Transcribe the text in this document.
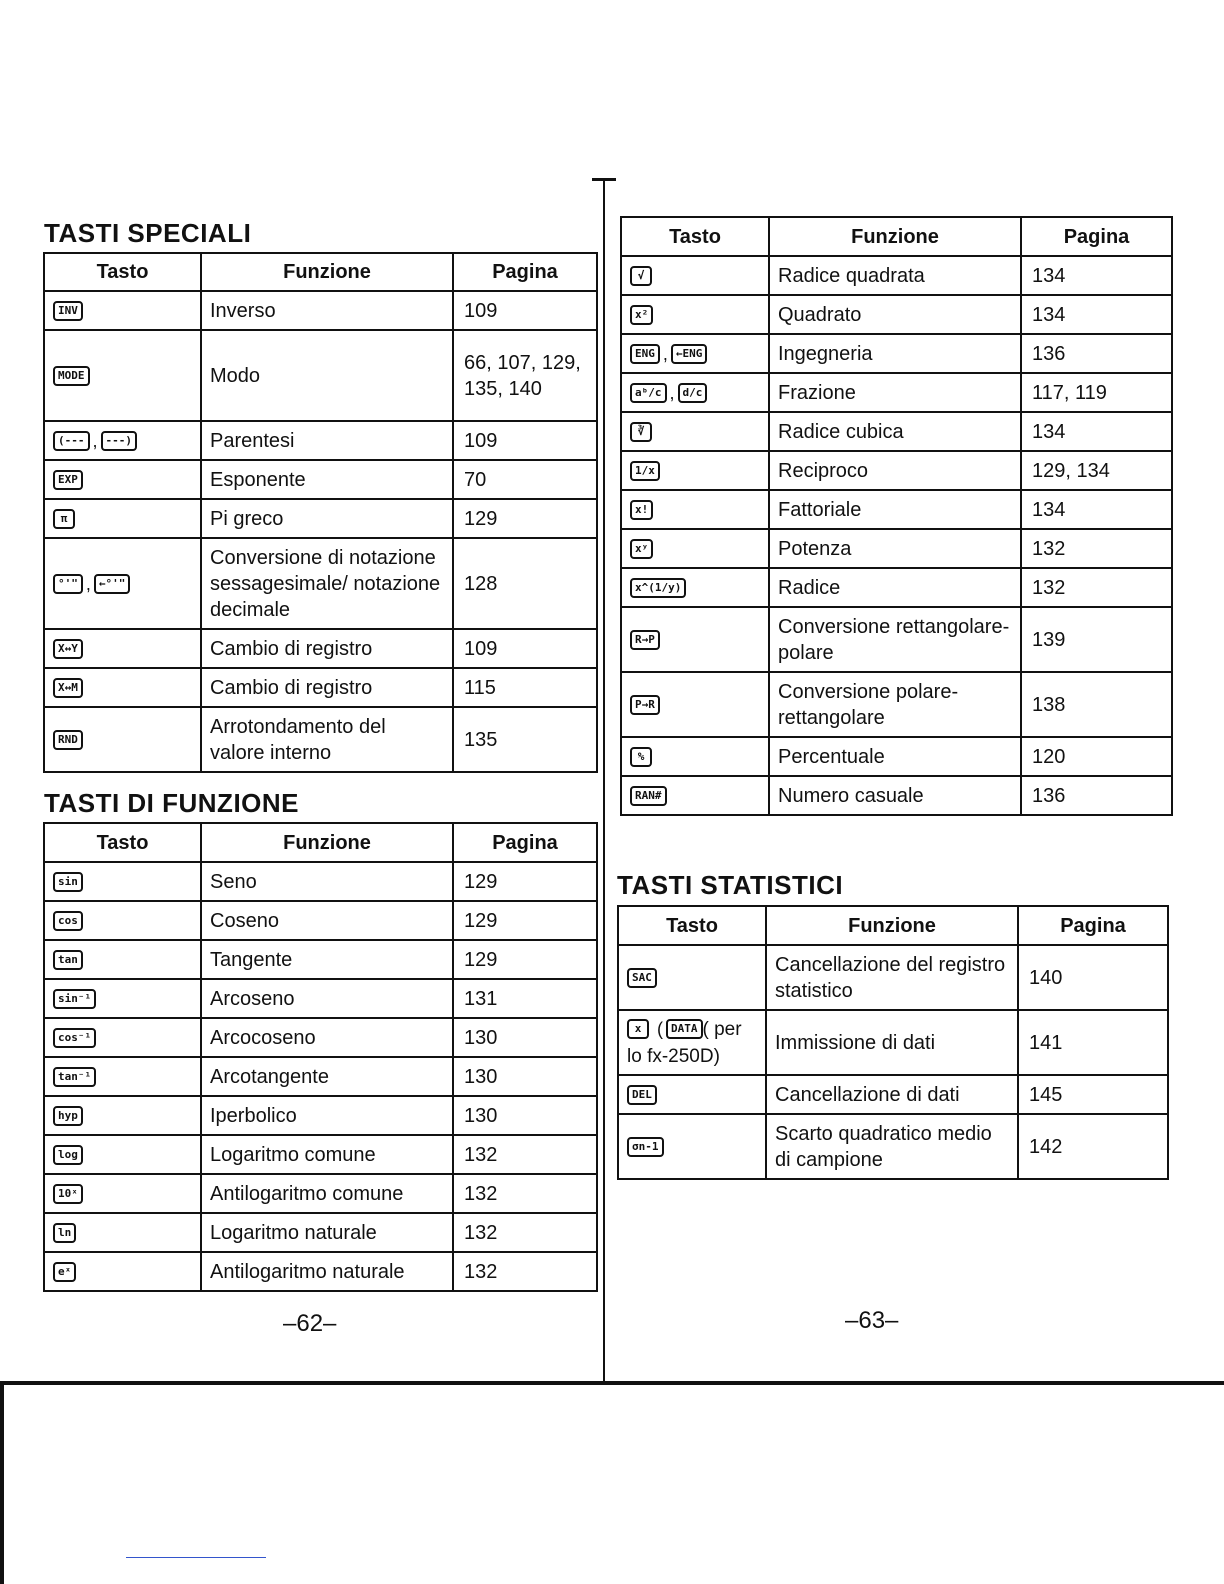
TASTI SPECIALI
Tasto	Funzione	Pagina
INV	Inverso	109
MODE	Modo	66, 107, 129, 135, 140
(--- , ---)	Parentesi	109
EXP	Esponente	70
π	Pi greco	129
°'" , ←°'"	Conversione di notazione sessagesimale/ notazione decimale	128
X↔Y	Cambio di registro	109
X↔M	Cambio di registro	115
RND	Arrotondamento del valore interno	135
TASTI DI FUNZIONE
Tasto	Funzione	Pagina
sin	Seno	129
cos	Coseno	129
tan	Tangente	129
sin⁻¹	Arcoseno	131
cos⁻¹	Arcocoseno	130
tan⁻¹	Arcotangente	130
hyp	Iperbolico	130
log	Logaritmo comune	132
10ˣ	Antilogaritmo comune	132
ln	Logaritmo naturale	132
eˣ	Antilogaritmo naturale	132
–62–
Tasto	Funzione	Pagina
√	Radice quadrata	134
x²	Quadrato	134
ENG , ←ENG	Ingegneria	136
aᵇ/c , d/c	Frazione	117, 119
∛	Radice cubica	134
1/x	Reciproco	129, 134
x!	Fattoriale	134
xʸ	Potenza	132
x^(1/y)	Radice	132
R→P	Conversione rettangolare-polare	139
P→R	Conversione polare-rettangolare	138
%	Percentuale	120
RAN#	Numero casuale	136
TASTI STATISTICI
Tasto	Funzione	Pagina
SAC	Cancellazione del registro statistico	140
x ( DATA ( per lo fx-250D)	Immissione di dati	141
DEL	Cancellazione di dati	145
σn-1	Scarto quadratico medio di campione	142
–63–
